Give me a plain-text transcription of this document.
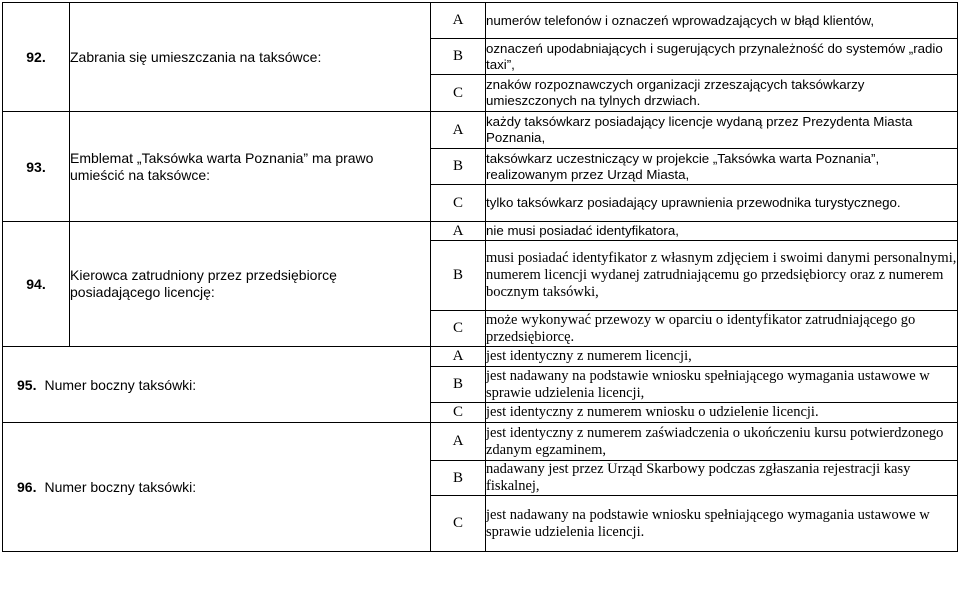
92.	Zabrania się umieszczania na taksówce:	A	numerów telefonów i oznaczeń wprowadzających w błąd klientów,
		B	oznaczeń upodabniających i sugerujących przynależność do systemów „radio taxi”,
		C	znaków rozpoznawczych organizacji zrzeszających taksówkarzy umieszczonych na tylnych drzwiach.
93.	Emblemat „Taksówka warta Poznania” ma prawo umieścić na taksówce:	A	każdy taksówkarz posiadający licencje wydaną przez Prezydenta Miasta Poznania,
		B	taksówkarz uczestniczący w projekcie „Taksówka warta Poznania”, realizowanym przez Urząd Miasta,
		C	tylko taksówkarz posiadający uprawnienia przewodnika turystycznego.
94.	Kierowca zatrudniony przez przedsiębiorcę posiadającego licencję:	A	nie musi posiadać identyfikatora,
		B	musi posiadać identyfikator z własnym zdjęciem i swoimi danymi personalnymi, numerem licencji wydanej zatrudniającemu go przedsiębiorcy oraz z numerem bocznym taksówki,
		C	może wykonywać przewozy w oparciu o identyfikator zatrudniającego go przedsiębiorcę.
95. Numer boczny taksówki:		A	jest identyczny z numerem licencji,
		B	jest nadawany na podstawie wniosku spełniającego wymagania ustawowe w sprawie udzielenia licencji,
		C	jest identyczny z numerem wniosku o udzielenie licencji.
96. Numer boczny taksówki:		A	jest identyczny z numerem zaświadczenia o ukończeniu kursu potwierdzonego zdanym egzaminem,
		B	nadawany jest przez Urząd Skarbowy podczas zgłaszania rejestracji kasy fiskalnej,
		C	jest nadawany na podstawie wniosku spełniającego wymagania ustawowe w sprawie udzielenia licencji.
